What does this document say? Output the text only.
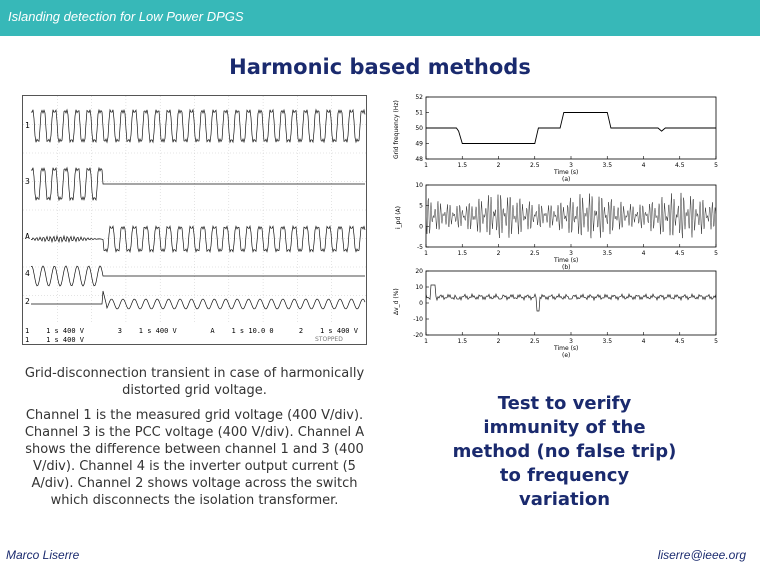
Islanding detection for Low Power DPGS
Harmonic based methods
1
3
A
4
2
1    1 s 400 V        3    1 s 400 V        A    1 s 10.0 0      2    1 s 400 V
1    1 s 400 V	STOPPED
Grid frequency (Hz)
52
51
50
49
48
1	1.5	2	2.5	3	3.5	4	4.5	5
Time (s)
(a)
i_pd (A)
10
5
0
-5
1	1.5	2	2.5	3	3.5	4	4.5	5
Time (s)
(b)
Δv_d (%)
20
10
0
-10
-20
1	1.5	2	2.5	3	3.5	4	4.5	5
Time (s)
(e)
Grid-disconnection transient in case of harmonically distorted grid voltage.
Channel 1 is the measured grid voltage (400 V/div). Channel 3 is the PCC voltage (400 V/div). Channel A shows the difference between channel 1 and 3 (400 V/div). Channel 4 is the inverter output current (5 A/div). Channel 2 shows voltage across the switch which disconnects the isolation transformer.
Test to verify immunity of the method (no false trip) to frequency variation
Marco Liserre	liserre@ieee.org
